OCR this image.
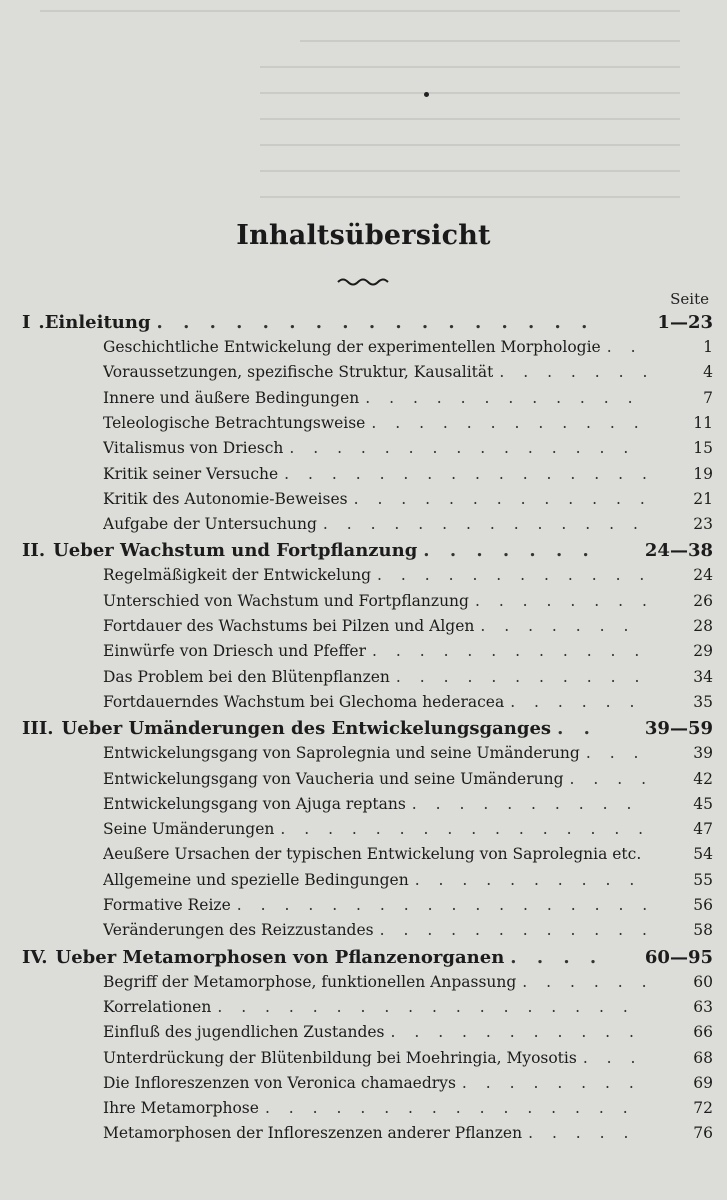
Inhaltsübersicht
Seite
I .Einleitung . . .	1—23
Geschichtliche Entwickelung der experimentellen Morphologie . . .	1
Voraussetzungen, spezifische Struktur, Kausalität . . .	4
Innere und äußere Bedingungen . . .	7
Teleologische Betrachtungsweise . . .	11
Vitalismus von Driesch . . .	15
Kritik seiner Versuche . . .	19
Kritik des Autonomie-Beweises . . .	21
Aufgabe der Untersuchung . . .	23
II. Ueber Wachstum und Fortpflanzung . . .	24—38
Regelmäßigkeit der Entwickelung . . .	24
Unterschied von Wachstum und Fortpflanzung . . .	26
Fortdauer des Wachstums bei Pilzen und Algen . . .	28
Einwürfe von Driesch und Pfeffer . . .	29
Das Problem bei den Blütenpflanzen . . .	34
Fortdauerndes Wachstum bei Glechoma hederacea . . .	35
III. Ueber Umänderungen des Entwickelungsganges . . .	39—59
Entwickelungsgang von Saprolegnia und seine Umänderung . . .	39
Entwickelungsgang von Vaucheria und seine Umänderung . . .	42
Entwickelungsgang von Ajuga reptans . . .	45
Seine Umänderungen . . .	47
Aeußere Ursachen der typischen Entwickelung von Saprolegnia etc.	54
Allgemeine und spezielle Bedingungen . . .	55
Formative Reize . . .	56
Veränderungen des Reizzustandes . . .	58
IV. Ueber Metamorphosen von Pflanzenorganen . . .	60—95
Begriff der Metamorphose, funktionellen Anpassung . . .	60
Korrelationen . . .	63
Einfluß des jugendlichen Zustandes . . .	66
Unterdrückung der Blütenbildung bei Moehringia, Myosotis . . .	68
Die Infloreszenzen von Veronica chamaedrys . . .	69
Ihre Metamorphose . . .	72
Metamorphosen der Infloreszenzen anderer Pflanzen . . .	76
